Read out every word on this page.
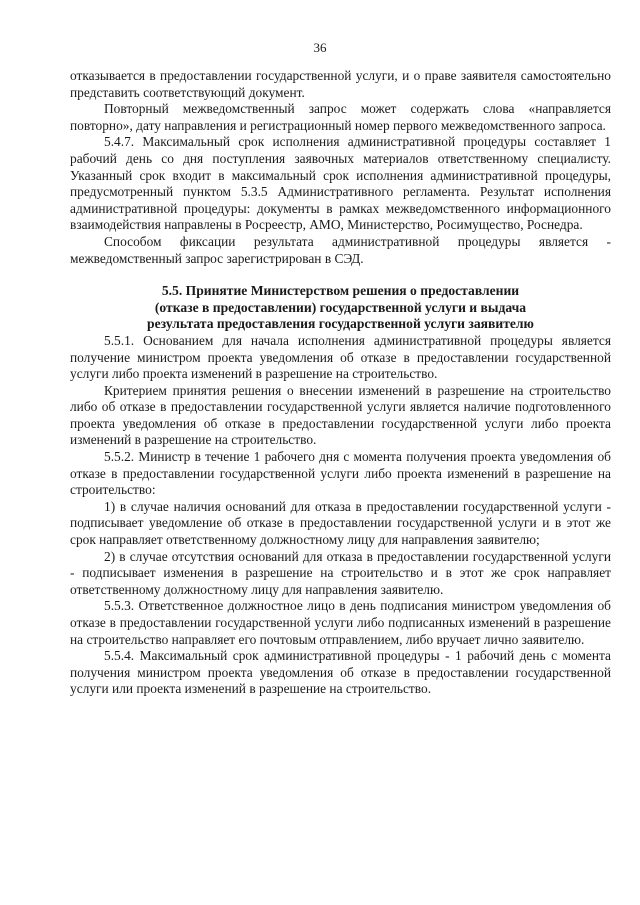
36

отказывается в предоставлении государственной услуги, и о праве заявителя самостоятельно представить соответствующий документ.

Повторный межведомственный запрос может содержать слова «направляется повторно», дату направления и регистрационный номер первого межведомственного запроса.

5.4.7. Максимальный срок исполнения административной процедуры составляет 1 рабочий день со дня поступления заявочных материалов ответственному специалисту. Указанный срок входит в максимальный срок исполнения административной процедуры, предусмотренный пунктом 5.3.5 Административного регламента. Результат исполнения административной процедуры: документы в рамках межведомственного информационного взаимодействия направлены в Росреестр, АМО, Министерство, Росимущество, Роснедра.

Способом фиксации результата административной процедуры является - межведомственный запрос зарегистрирован в СЭД.

5.5. Принятие Министерством решения о предоставлении
(отказе в предоставлении) государственной услуги и выдача
результата предоставления государственной услуги заявителю

5.5.1. Основанием для начала исполнения административной процедуры является получение министром проекта уведомления об отказе в предоставлении государственной услуги либо проекта изменений в разрешение на строительство.

Критерием принятия решения о внесении изменений в разрешение на строительство либо об отказе в предоставлении государственной услуги является наличие подготовленного проекта уведомления об отказе в предоставлении государственной услуги либо проекта изменений в разрешение на строительство.

5.5.2. Министр в течение 1 рабочего дня с момента получения проекта уведомления об отказе в предоставлении государственной услуги либо проекта изменений в разрешение на строительство:

1) в случае наличия оснований для отказа в предоставлении государственной услуги - подписывает уведомление об отказе в предоставлении государственной услуги и в этот же срок направляет ответственному должностному лицу для направления заявителю;

2) в случае отсутствия оснований для отказа в предоставлении государственной услуги - подписывает изменения в разрешение на строительство и в этот же срок направляет ответственному должностному лицу для направления заявителю.

5.5.3. Ответственное должностное лицо в день подписания министром уведомления об отказе в предоставлении государственной услуги либо подписанных изменений в разрешение на строительство направляет его почтовым отправлением, либо вручает лично заявителю.

5.5.4. Максимальный срок административной процедуры - 1 рабочий день с момента получения министром проекта уведомления об отказе в предоставлении государственной услуги или проекта изменений в разрешение на строительство.
